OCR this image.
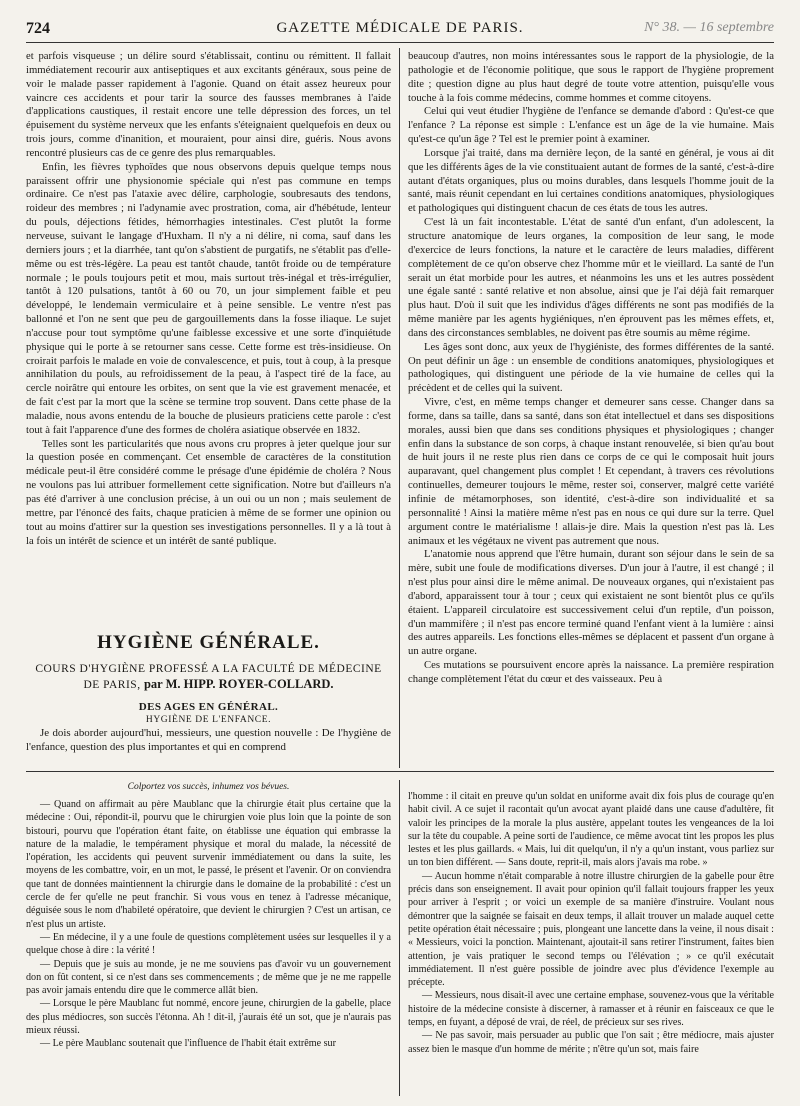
724	GAZETTE MÉDICALE DE PARIS.	N° 38. — 16 septembre

et parfois visqueuse ; un délire sourd s'établissait, continu ou rémittent. Il fallait immédiatement recourir aux antiseptiques et aux excitants généraux, sous peine de voir le malade passer rapidement à l'agonie. Quand on était assez heureux pour vaincre ces accidents et pour tarir la source des fausses membranes à l'aide d'applications caustiques, il restait encore une telle dépression des forces, un tel épuisement du système nerveux que les enfants s'éteignaient quelquefois en deux ou trois jours, comme d'inanition, et mouraient, pour ainsi dire, guéris. Nous avons rencontré plusieurs cas de ce genre des plus remarquables.

Enfin, les fièvres typhoïdes que nous observons depuis quelque temps nous paraissent offrir une physionomie spéciale qui n'est pas commune en temps ordinaire. Ce n'est pas l'ataxie avec délire, carphologie, soubresauts des tendons, roideur des membres ; ni l'adynamie avec prostration, coma, air d'hébétude, lenteur du pouls, déjections fétides, hémorrhagies intestinales. C'est plutôt la forme nerveuse, suivant le langage d'Huxham. Il n'y a ni délire, ni coma, sauf dans les derniers jours ; et la diarrhée, tant qu'on s'abstient de purgatifs, ne s'établit pas d'elle-même ou est très-légère. La peau est tantôt chaude, tantôt froide ou de température normale ; le pouls toujours petit et mou, mais surtout très-inégal et très-irrégulier, tantôt à 120 pulsations, tantôt à 60 ou 70, un jour simplement faible et peu développé, le lendemain vermiculaire et à peine sensible. Le ventre n'est pas ballonné et l'on ne sent que peu de gargouillements dans la fosse iliaque. Le sujet n'accuse pour tout symptôme qu'une faiblesse excessive et une sorte d'inquiétude physique qui le porte à se retourner sans cesse. Cette forme est très-insidieuse. On croirait parfois le malade en voie de convalescence, et puis, tout à coup, à la presque annihilation du pouls, au refroidissement de la peau, à l'aspect tiré de la face, au cercle noirâtre qui entoure les orbites, on sent que la vie est gravement menacée, et de fait c'est par la mort que la scène se termine trop souvent. Dans cette phase de la maladie, nous avons entendu de la bouche de plusieurs praticiens cette parole : c'est tout à fait l'apparence d'une des formes de choléra asiatique observée en 1832.

Telles sont les particularités que nous avons cru propres à jeter quelque jour sur la question posée en commençant. Cet ensemble de caractères de la constitution médicale peut-il être considéré comme le présage d'une épidémie de choléra ? Nous ne voulons pas lui attribuer formellement cette signification. Notre but d'ailleurs n'a pas été d'arriver à une conclusion précise, à un oui ou un non ; mais seulement de mettre, par l'énoncé des faits, chaque praticien à même de se former une opinion ou tout au moins d'attirer sur la question ses investigations personnelles. Il y a là tout à la fois un intérêt de science et un intérêt de santé publique.

HYGIÈNE GÉNÉRALE.

COURS D'HYGIÈNE PROFESSÉ A LA FACULTÉ DE MÉDECINE DE PARIS, par M. HIPP. ROYER-COLLARD.

DES AGES EN GÉNÉRAL.
HYGIÈNE DE L'ENFANCE.

Je dois aborder aujourd'hui, messieurs, une question nouvelle : De l'hygiène de l'enfance, question des plus importantes et qui en comprend

beaucoup d'autres, non moins intéressantes sous le rapport de la physiologie, de la pathologie et de l'économie politique, que sous le rapport de l'hygiène proprement dite ; question digne au plus haut degré de toute votre attention, puisqu'elle vous touche à la fois comme médecins, comme hommes et comme citoyens.

Celui qui veut étudier l'hygiène de l'enfance se demande d'abord : Qu'est-ce que l'enfance ? La réponse est simple : L'enfance est un âge de la vie humaine. Mais qu'est-ce qu'un âge ? Tel est le premier point à examiner.

Lorsque j'ai traité, dans ma dernière leçon, de la santé en général, je vous ai dit que les différents âges de la vie constituaient autant de formes de la santé, c'est-à-dire autant d'états organiques, plus ou moins durables, dans lesquels l'homme jouit de la santé, mais réunit cependant en lui certaines conditions anatomiques, physiologiques et pathologiques qui distinguent chacun de ces états de tous les autres.

C'est là un fait incontestable. L'état de santé d'un enfant, d'un adolescent, la structure anatomique de leurs organes, la composition de leur sang, le mode d'exercice de leurs fonctions, la nature et le caractère de leurs maladies, diffèrent complètement de ce qu'on observe chez l'homme mûr et le vieillard. La santé de l'un serait un état morbide pour les autres, et néanmoins les uns et les autres possèdent une égale santé : santé relative et non absolue, ainsi que je l'ai déjà fait remarquer plus haut. D'où il suit que les individus d'âges différents ne sont pas modifiés de la même manière par les agents hygiéniques, n'en éprouvent pas les mêmes effets, et, dans des circonstances semblables, ne doivent pas être soumis au même régime.

Les âges sont donc, aux yeux de l'hygiéniste, des formes différentes de la santé. On peut définir un âge : un ensemble de conditions anatomiques, physiologiques et pathologiques, qui distinguent une période de la vie humaine de celles qui la précèdent et de celles qui la suivent.

Vivre, c'est, en même temps changer et demeurer sans cesse. Changer dans sa forme, dans sa taille, dans sa santé, dans son état intellectuel et dans ses dispositions morales, aussi bien que dans ses conditions physiques et physiologiques ; changer enfin dans la substance de son corps, à chaque instant renouvelée, si bien qu'au bout de huit jours il ne reste plus rien dans ce corps de ce qui le composait huit jours auparavant, quel changement plus complet ! Et cependant, à travers ces révolutions continuelles, demeurer toujours le même, rester soi, conserver, malgré cette variété infinie de métamorphoses, son identité, c'est-à-dire son individualité et sa personnalité ! Ainsi la matière même n'est pas en nous ce qui dure sur la terre. Quel argument contre le matérialisme ! allais-je dire. Mais la question n'est pas là. Les animaux et les végétaux ne vivent pas autrement que nous.

L'anatomie nous apprend que l'être humain, durant son séjour dans le sein de sa mère, subit une foule de modifications diverses. D'un jour à l'autre, il est changé ; il n'est plus pour ainsi dire le même animal. De nouveaux organes, qui n'existaient pas d'abord, apparaissent tour à tour ; ceux qui existaient ne sont bientôt plus ce qu'ils étaient. L'appareil circulatoire est successivement celui d'un reptile, d'un poisson, d'un mammifère ; il n'est pas encore terminé quand l'enfant vient à la lumière : ainsi des autres appareils. Les fonctions elles-mêmes se déplacent et passent d'un organe à un autre organe.

Ces mutations se poursuivent encore après la naissance. La première respiration change complètement l'état du cœur et des vaisseaux. Peu à

Colportez vos succès, inhumez vos bévues.

— Quand on affirmait au père Maublanc que la chirurgie était plus certaine que la médecine : Oui, répondit-il, pourvu que le chirurgien voie plus loin que la pointe de son bistouri, pourvu que l'opération étant faite, on établisse une équation qui embrasse la nature de la maladie, le tempérament physique et moral du malade, la nécessité de l'opération, les accidents qui peuvent survenir immédiatement ou dans la suite, les moyens de les combattre, voir, en un mot, le passé, le présent et l'avenir. Or on conviendra que tant de données maintiennent la chirurgie dans le domaine de la probabilité : c'est un cercle de fer qu'elle ne peut franchir. Si vous vous en tenez à l'adresse mécanique, déguisée sous le nom d'habileté opératoire, que devient le chirurgien ? C'est un artisan, ce n'est plus un artiste.

— En médecine, il y a une foule de questions complètement usées sur lesquelles il y a quelque chose à dire : la vérité !

— Depuis que je suis au monde, je ne me souviens pas d'avoir vu un gouvernement don on fût content, si ce n'est dans ses commencements ; de même que je ne me rappelle pas avoir jamais entendu dire que le commerce allât bien.

— Lorsque le père Maublanc fut nommé, encore jeune, chirurgien de la gabelle, place des plus médiocres, son succès l'étonna. Ah ! dit-il, j'aurais été un sot, que je n'aurais pas mieux réussi.

— Le père Maublanc soutenait que l'influence de l'habit était extrême sur

l'homme : il citait en preuve qu'un soldat en uniforme avait dix fois plus de courage qu'en habit civil. A ce sujet il racontait qu'un avocat ayant plaidé dans une cause d'adultère, fit valoir les principes de la morale la plus austère, appelant toutes les vengeances de la loi sur la tête du coupable. A peine sorti de l'audience, ce même avocat tint les propos les plus lestes et les plus gaillards. « Mais, lui dit quelqu'un, il n'y a qu'un instant, vous parliez sur un ton bien différent. — Sans doute, reprit-il, mais alors j'avais ma robe. »

— Aucun homme n'était comparable à notre illustre chirurgien de la gabelle pour être précis dans son enseignement. Il avait pour opinion qu'il fallait toujours frapper les yeux pour arriver à l'esprit ; or voici un exemple de sa manière d'instruire. Voulant nous démontrer que la saignée se faisait en deux temps, il allait trouver un malade auquel cette petite opération était nécessaire ; puis, plongeant une lancette dans la veine, il nous disait : « Messieurs, voici la ponction. Maintenant, ajoutait-il sans retirer l'instrument, faites bien attention, je vais pratiquer le second temps ou l'élévation ; » ce qu'il exécutait immédiatement. Il n'est guère possible de joindre avec plus d'évidence l'exemple au précepte.

— Messieurs, nous disait-il avec une certaine emphase, souvenez-vous que la véritable histoire de la médecine consiste à discerner, à ramasser et à réunir en faisceaux ce que le temps, en fuyant, a déposé de vrai, de réel, de précieux sur ses rives.

— Ne pas savoir, mais persuader au public que l'on sait ; être médiocre, mais ajuster assez bien le masque d'un homme de mérite ; n'être qu'un sot, mais faire
